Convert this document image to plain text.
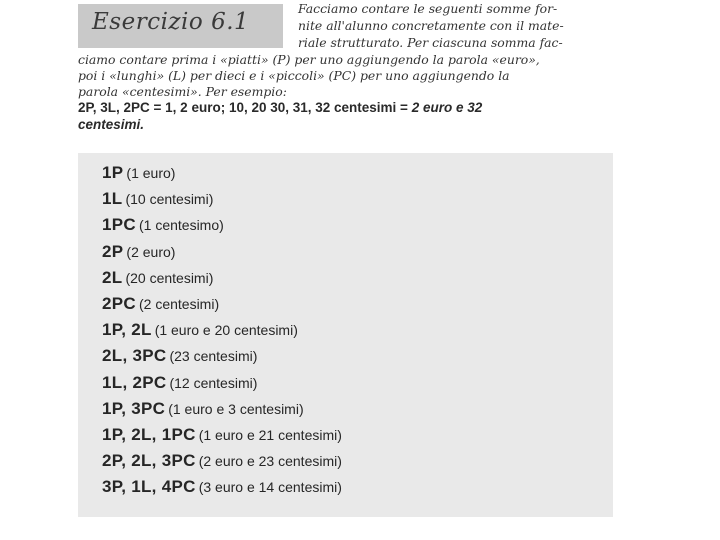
Esercizio 6.1
Facciamo contare le seguenti somme for-
nite all'alunno concretamente con il mate-
riale strutturato. Per ciascuna somma fac-
ciamo contare prima i «piatti» (P) per uno aggiungendo la parola «euro»,
poi i «lunghi» (L) per dieci e i «piccoli» (PC) per uno aggiungendo la
parola «centesimi». Per esempio:
2P, 3L, 2PC = 1, 2 euro; 10, 20 30, 31, 32 centesimi = 2 euro e 32
centesimi.
1P (1 euro)
1L (10 centesimi)
1PC (1 centesimo)
2P (2 euro)
2L (20 centesimi)
2PC (2 centesimi)
1P, 2L (1 euro e 20 centesimi)
2L, 3PC (23 centesimi)
1L, 2PC (12 centesimi)
1P, 3PC (1 euro e 3 centesimi)
1P, 2L, 1PC (1 euro e 21 centesimi)
2P, 2L, 3PC (2 euro e 23 centesimi)
3P, 1L, 4PC (3 euro e 14 centesimi)
